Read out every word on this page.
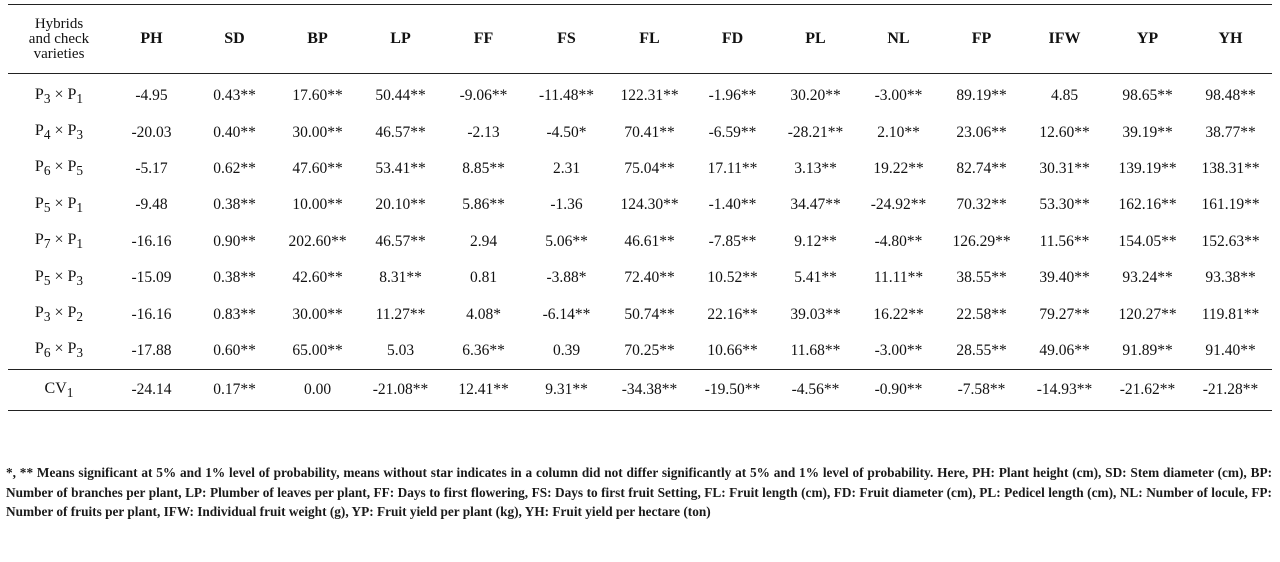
Hybrids
and check
varieties	PH	SD	BP	LP	FF	FS	FL	FD	PL	NL	FP	IFW	YP	YH
$P_3 \times P_1$	-4.95	0.43**	17.60**	50.44**	-9.06**	-11.48**	122.31**	-1.96**	30.20**	-3.00**	89.19**	4.85	98.65**	98.48**
$P_4 \times P_3$	-20.03	0.40**	30.00**	46.57**	-2.13	-4.50*	70.41**	-6.59**	-28.21**	2.10**	23.06**	12.60**	39.19**	38.77**
$P_6 \times P_5$	-5.17	0.62**	47.60**	53.41**	8.85**	2.31	75.04**	17.11**	3.13**	19.22**	82.74**	30.31**	139.19**	138.31**
$P_5 \times P_1$	-9.48	0.38**	10.00**	20.10**	5.86**	-1.36	124.30**	-1.40**	34.47**	-24.92**	70.32**	53.30**	162.16**	161.19**
$P_7 \times P_1$	-16.16	0.90**	202.60**	46.57**	2.94	5.06**	46.61**	-7.85**	9.12**	-4.80**	126.29**	11.56**	154.05**	152.63**
$P_5 \times P_3$	-15.09	0.38**	42.60**	8.31**	0.81	-3.88*	72.40**	10.52**	5.41**	11.11**	38.55**	39.40**	93.24**	93.38**
$P_3 \times P_2$	-16.16	0.83**	30.00**	11.27**	4.08*	-6.14**	50.74**	22.16**	39.03**	16.22**	22.58**	79.27**	120.27**	119.81**
$P_6 \times P_3$	-17.88	0.60**	65.00**	5.03	6.36**	0.39	70.25**	10.66**	11.68**	-3.00**	28.55**	49.06**	91.89**	91.40**
$CV_1$	-24.14	0.17**	0.00	-21.08**	12.41**	9.31**	-34.38**	-19.50**	-4.56**	-0.90**	-7.58**	-14.93**	-21.62**	-21.28**
*, ** Means significant at 5% and 1% level of probability, means without star indicates in a column did not differ significantly at 5% and 1% level of probability. Here, PH: Plant height (cm), SD: Stem diameter (cm), BP: Number of branches per plant, LP: Plumber of leaves per plant, FF: Days to first flowering, FS: Days to first fruit Setting, FL: Fruit length (cm), FD: Fruit diameter (cm), PL: Pedicel length (cm), NL: Number of locule, FP: Number of fruits per plant, IFW: Individual fruit weight (g), YP: Fruit yield per plant (kg), YH: Fruit yield per hectare (ton)
